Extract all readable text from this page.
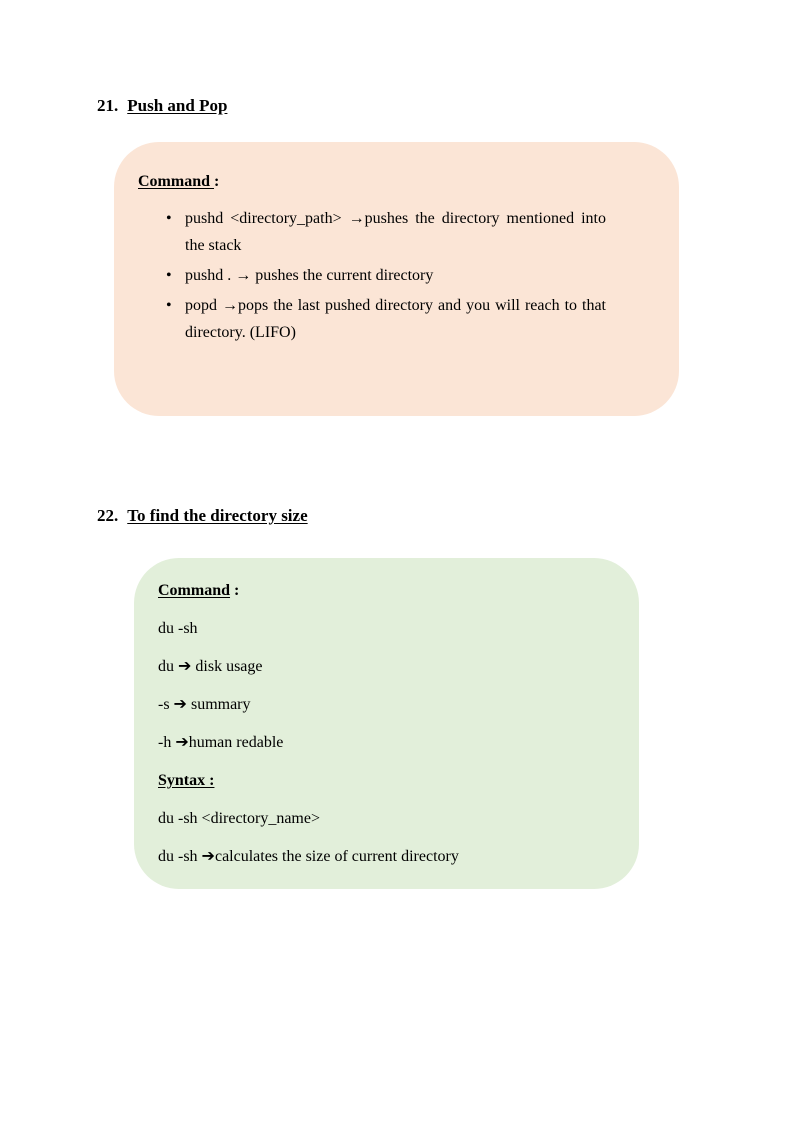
21. Push and Pop

Command :

• pushd <directory_path> →pushes the directory mentioned into the stack
• pushd . → pushes the current directory
• popd →pops the last pushed directory and you will reach to that directory. (LIFO)
22. To find the directory size

Command :

du -sh

du ➔ disk usage

-s ➔ summary

-h ➔human redable

Syntax :

du -sh <directory_name>

du -sh ➔calculates the size of current directory
